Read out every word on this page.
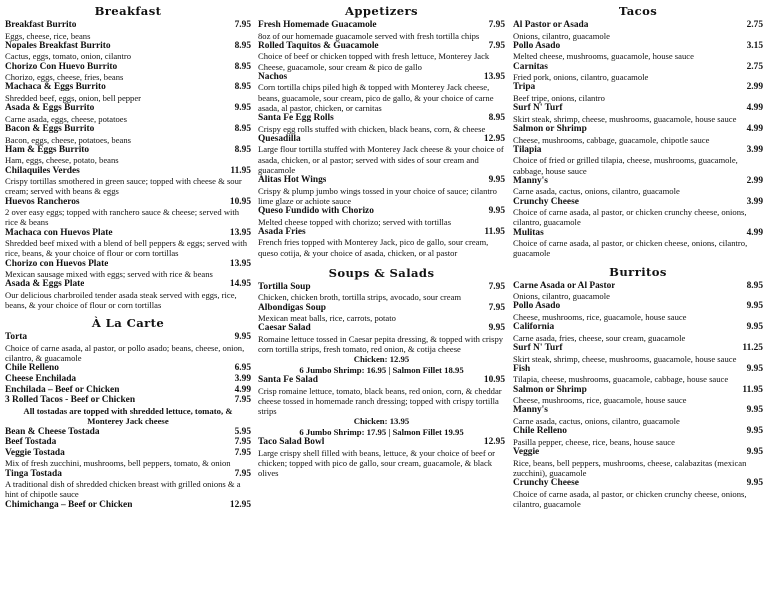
Breakfast
Breakfast Burrito	7.95
Eggs, cheese, rice, beans
Nopales Breakfast Burrito	8.95
Cactus, eggs, tomato, onion, cilantro
Chorizo Con Huevo Burrito	8.95
Chorizo, eggs, cheese, fries, beans
Machaca & Eggs Burrito	8.95
Shredded beef, eggs, onion, bell pepper
Asada & Eggs Burrito	9.95
Carne asada, eggs, cheese, potatoes
Bacon & Eggs Burrito	8.95
Bacon, eggs, cheese, potatoes, beans
Ham & Eggs Burrito	8.95
Ham, eggs, cheese, potato, beans
Chilaquiles Verdes	11.95
Crispy tortillas smothered in green sauce; topped with cheese & sour cream; served with beans & eggs
Huevos Rancheros	10.95
2 over easy eggs; topped with ranchero sauce & cheese; served with rice & beans
Machaca con Huevos Plate	13.95
Shredded beef mixed with a blend of bell peppers & eggs; served with rice, beans, & your choice of flour or corn tortillas
Chorizo con Huevos Plate	13.95
Mexican sausage mixed with eggs; served with rice & beans
Asada & Eggs Plate	14.95
Our delicious charbroiled tender asada steak served with eggs, rice, beans, & your choice of flour or corn tortillas
À La Carte
Torta	9.95
Choice of carne asada, al pastor, or pollo asado; beans, cheese, onion, cilantro, & guacamole
Chile Relleno	6.95
Cheese Enchilada	3.99
Enchilada – Beef or Chicken	4.99
3 Rolled Tacos - Beef or Chicken	7.95
All tostadas are topped with shredded lettuce, tomato, & Monterey Jack cheese
Bean & Cheese Tostada	5.95
Beef Tostada	7.95
Veggie Tostada	7.95
Mix of fresh zucchini, mushrooms, bell peppers, tomato, & onion
Tinga Tostada	7.95
A traditional dish of shredded chicken breast with grilled onions & a hint of chipotle sauce
Chimichanga – Beef or Chicken	12.95
Appetizers
Fresh Homemade Guacamole	7.95
8oz of our homemade guacamole served with fresh tortilla chips
Rolled Taquitos & Guacamole	7.95
Choice of beef or chicken topped with fresh lettuce, Monterey Jack Cheese, guacamole, sour cream & pico de gallo
Nachos	13.95
Corn tortilla chips piled high & topped with Monterey Jack cheese, beans, guacamole, sour cream, pico de gallo, & your choice of carne asada, al pastor, chicken, or carnitas
Santa Fe Egg Rolls	8.95
Crispy egg rolls stuffed with chicken, black beans, corn, & cheese
Quesadilla	12.95
Large flour tortilla stuffed with Monterey Jack cheese & your choice of asada, chicken, or al pastor; served with sides of sour cream and guacamole
Alitas Hot Wings	9.95
Crispy & plump jumbo wings tossed in your choice of sauce; cilantro lime glaze or achiote sauce
Queso Fundido with Chorizo	9.95
Melted cheese topped with chorizo; served with tortillas
Asada Fries	11.95
French fries topped with Monterey Jack, pico de gallo, sour cream, queso cotija, & your choice of asada, chicken, or al pastor
Soups & Salads
Tortilla Soup	7.95
Chicken, chicken broth, tortilla strips, avocado, sour cream
Albondigas Soup	7.95
Mexican meat balls, rice, carrots, potato
Caesar Salad	9.95
Romaine lettuce tossed in Caesar pepita dressing, & topped with crispy corn tortilla strips, fresh tomato, red onion, & cotija cheese
Chicken: 12.95
6 Jumbo Shrimp: 16.95 | Salmon Fillet 18.95
Santa Fe Salad	10.95
Crisp romaine lettuce, tomato, black beans, red onion, corn, & cheddar cheese tossed in homemade ranch dressing; topped with crispy tortilla strips
Chicken: 13.95
6 Jumbo Shrimp: 17.95 | Salmon Fillet 19.95
Taco Salad Bowl	12.95
Large crispy shell filled with beans, lettuce, & your choice of beef or chicken; topped with pico de gallo, sour cream, guacamole, & black olives
Tacos
Al Pastor or Asada	2.75
Onions, cilantro, guacamole
Pollo Asado	3.15
Melted cheese, mushrooms, guacamole, house sauce
Carnitas	2.75
Fried pork, onions, cilantro, guacamole
Tripa	2.99
Beef tripe, onions, cilantro
Surf N' Turf	4.99
Skirt steak, shrimp, cheese, mushrooms, guacamole, house sauce
Salmon or Shrimp	4.99
Cheese, mushrooms, cabbage, guacamole, chipotle sauce
Tilapia	3.99
Choice of fried or grilled tilapia, cheese, mushrooms, guacamole, cabbage, house sauce
Manny's	2.99
Carne asada, cactus, onions, cilantro, guacamole
Crunchy Cheese	3.99
Choice of carne asada, al pastor, or chicken crunchy cheese, onions, cilantro, guacamole
Mulitas	4.99
Choice of carne asada, al pastor, or chicken cheese, onions, cilantro, guacamole
Burritos
Carne Asada or Al Pastor	8.95
Onions, cilantro, guacamole
Pollo Asado	9.95
Cheese, mushrooms, rice, guacamole, house sauce
California	9.95
Carne asada, fries, cheese, sour cream, guacamole
Surf N' Turf	11.25
Skirt steak, shrimp, cheese, mushrooms, guacamole, house sauce
Fish	9.95
Tilapia, cheese, mushrooms, guacamole, cabbage, house sauce
Salmon or Shrimp	11.95
Cheese, mushrooms, rice, guacamole, house sauce
Manny's	9.95
Carne asada, cactus, onions, cilantro, guacamole
Chile Relleno	9.95
Pasilla pepper, cheese, rice, beans, house sauce
Veggie	9.95
Rice, beans, bell peppers, mushrooms, cheese, calabazitas (mexican zucchini), guacamole
Crunchy Cheese	9.95
Choice of carne asada, al pastor, or chicken crunchy cheese, onions, cilantro, guacamole
